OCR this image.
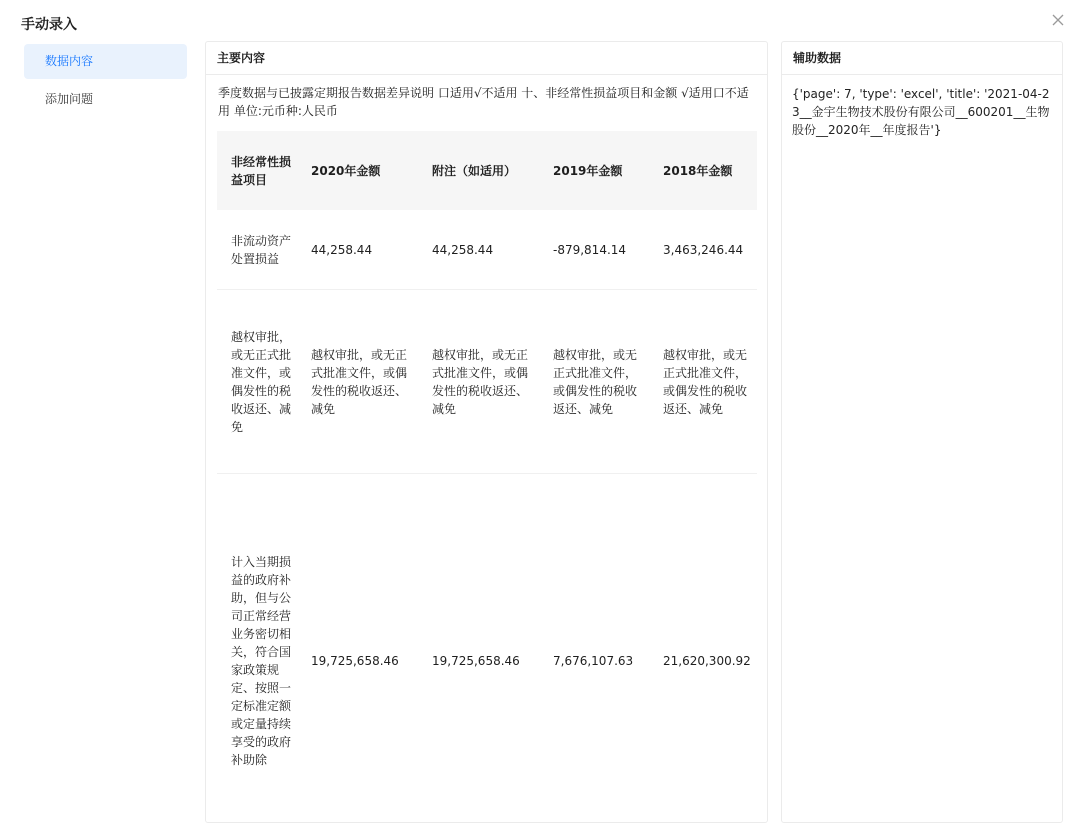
手动录入
数据内容
添加问题
主要内容
季度数据与已披露定期报告数据差异说明 口适用√不适用 十、非经常性损益项目和金额 √适用口不适用 单位:元币种:人民币
非经常性损益项目	2020年金额	附注（如适用）	2019年金额	2018年金额
非流动资产处置损益	44,258.44	44,258.44	-879,814.14	3,463,246.44
越权审批，或无正式批准文件，或偶发性的税收返还、减免	越权审批，或无正式批准文件，或偶发性的税收返还、减免	越权审批，或无正式批准文件，或偶发性的税收返还、减免	越权审批，或无正式批准文件，或偶发性的税收返还、减免	越权审批，或无正式批准文件，或偶发性的税收返还、减免
计入当期损益的政府补助，但与公司正常经营业务密切相关，符合国家政策规定、按照一定标准定额或定量持续享受的政府补助除	19,725,658.46	19,725,658.46	7,676,107.63	21,620,300.92
辅助数据
{'page': 7, 'type': 'excel', 'title': '2021-04-23__金宇生物技术股份有限公司__600201__生物股份__2020年__年度报告'}
